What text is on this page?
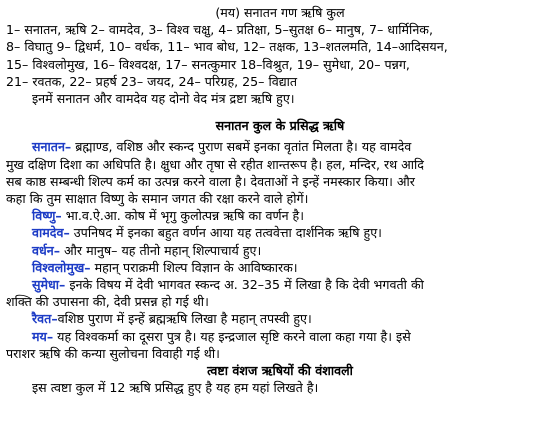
(मय) सनातन गण ऋषि कुल
1– सनातन, ऋषि 2– वामदेव, 3– विश्व चक्षु, 4– प्रतिक्षा, 5–सुतक्ष 6– मानुष, 7– धार्मिनिक,
8– विघातु 9– द्विधर्म, 10– वर्धक, 11– भाव बोध, 12– तक्षक, 13–शतलमति, 14–आदिसयन,
15– विश्वलोमुख, 16– विश्वदक्ष, 17– सनत्कुमार 18–विश्रुत, 19– सुमेधा, 20– पन्नग,
21– रवतक, 22– प्रहर्ष 23– जयद, 24– परिग्रह, 25– विद्यात
इनमें सनातन और वामदेव यह दोनो वेद मंत्र द्रष्टा ऋषि हुए।
सनातन कुल के प्रसिद्ध ऋषि
सनातन– ब्रह्माण्ड, वशिष्ठ और स्कन्द पुराण सबमें इनका वृतांत मिलता है। यह वामदेव
मुख दक्षिण दिशा का अधिपति है। क्षुधा और तृषा से रहीत शान्तरूप है। हल, मन्दिर, रथ आदि
सब काष्ठ सम्बन्धी शिल्प कर्म का उत्पन्न करने वाला है। देवताओं ने इन्हें नमस्कार किया। और
कहा कि तुम साक्षात विष्णु के समान जगत की रक्षा करने वाले होगें।
विष्णु– भा.व.ऐ.आ. कोष में भृगु कुलोत्पन्न ऋषि का वर्णन है।
वामदेव– उपनिषद में इनका बहुत वर्णन आया यह तत्ववेत्ता दार्शनिक ऋषि हुए।
वर्धन– और मानुष– यह तीनो महान् शिल्पाचार्य हुए।
विश्वलोमुख– महान् पराक्रमी शिल्प विज्ञान के आविष्कारक।
सुमेधा– इनके विषय में देवी भागवत स्कन्द अ. 32–35 में लिखा है कि देवी भगवती की
शक्ति की उपासना की, देवी प्रसन्न हो गई थी।
रैवत–वशिष्ठ पुराण में इन्हें ब्रह्मऋषि लिखा है महान् तपस्वी हुए।
मय– यह विश्वकर्मा का दूसरा पुत्र है। यह इन्द्रजाल सृष्टि करने वाला कहा गया है। इसे
पराशर ऋषि की कन्या सुलोचना विवाही गई थी।
त्वष्टा वंशज ऋषियों की वंशावली
इस त्वष्टा कुल में 12 ऋषि प्रसिद्ध हुए है यह हम यहां लिखते है।
